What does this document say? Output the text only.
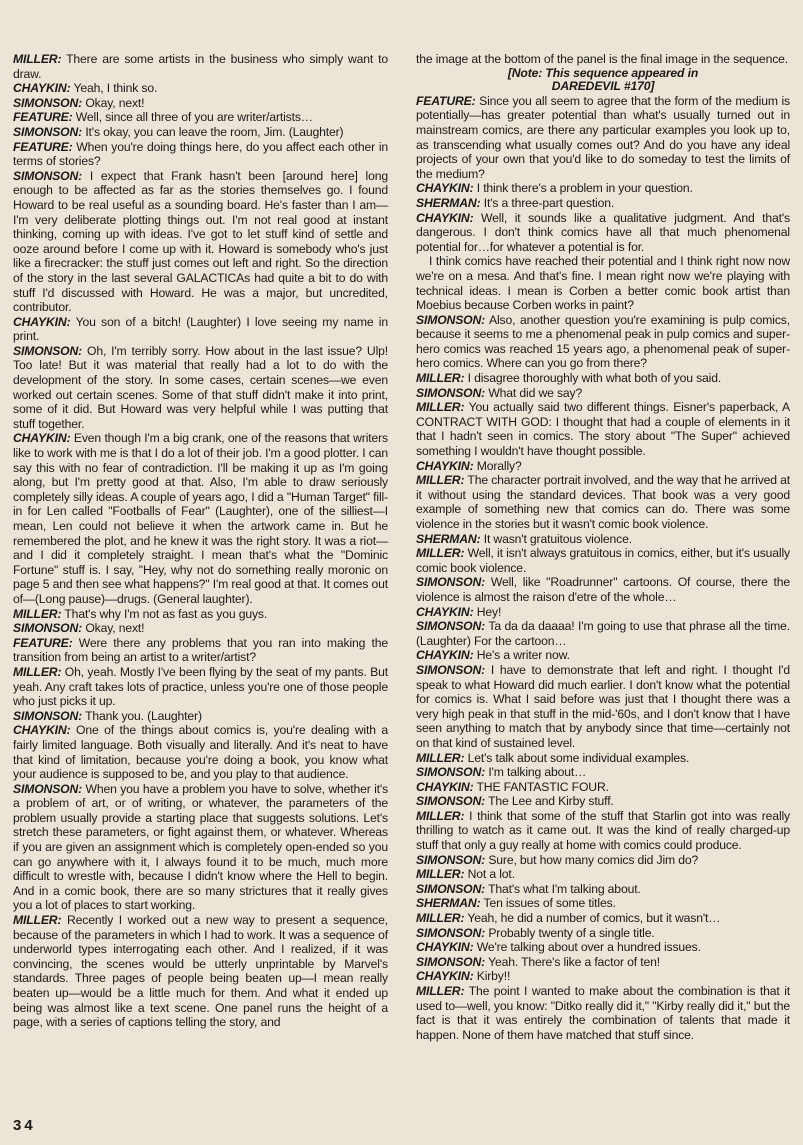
MILLER: There are some artists in the business who simply want to draw.

CHAYKIN: Yeah, I think so.

SIMONSON: Okay, next!

FEATURE: Well, since all three of you are writer/artists…

SIMONSON: It's okay, you can leave the room, Jim. (Laughter)

FEATURE: When you're doing things here, do you affect each other in terms of stories?

SIMONSON: I expect that Frank hasn't been [around here] long enough to be affected as far as the stories themselves go. I found Howard to be real useful as a sounding board. He's faster than I am—I'm very deliberate plotting things out. I'm not real good at instant thinking, coming up with ideas. I've got to let stuff kind of settle and ooze around before I come up with it. Howard is somebody who's just like a firecracker: the stuff just comes out left and right. So the direction of the story in the last several GALACTICAs had quite a bit to do with stuff I'd discussed with Howard. He was a major, but uncredited, contributor.

CHAYKIN: You son of a bitch! (Laughter) I love seeing my name in print.

SIMONSON: Oh, I'm terribly sorry. How about in the last issue? Ulp! Too late! But it was material that really had a lot to do with the development of the story. In some cases, certain scenes—we even worked out certain scenes. Some of that stuff didn't make it into print, some of it did. But Howard was very helpful while I was putting that stuff together.

CHAYKIN: Even though I'm a big crank, one of the reasons that writers like to work with me is that I do a lot of their job. I'm a good plotter. I can say this with no fear of contradiction. I'll be making it up as I'm going along, but I'm pretty good at that. Also, I'm able to draw seriously completely silly ideas. A couple of years ago, I did a "Human Target" fill-in for Len called "Footballs of Fear" (Laughter), one of the silliest—I mean, Len could not believe it when the artwork came in. But he remembered the plot, and he knew it was the right story. It was a riot—and I did it completely straight. I mean that's what the "Dominic Fortune" stuff is. I say, "Hey, why not do something really moronic on page 5 and then see what happens?" I'm real good at that. It comes out of—(Long pause)—drugs. (General laughter).

MILLER: That's why I'm not as fast as you guys.

SIMONSON: Okay, next!

FEATURE: Were there any problems that you ran into making the transition from being an artist to a writer/artist?

MILLER: Oh, yeah. Mostly I've been flying by the seat of my pants. But yeah. Any craft takes lots of practice, unless you're one of those people who just picks it up.

SIMONSON: Thank you. (Laughter)

CHAYKIN: One of the things about comics is, you're dealing with a fairly limited language. Both visually and literally. And it's neat to have that kind of limitation, because you're doing a book, you know what your audience is supposed to be, and you play to that audience.

SIMONSON: When you have a problem you have to solve, whether it's a problem of art, or of writing, or whatever, the parameters of the problem usually provide a starting place that suggests solutions. Let's stretch these parameters, or fight against them, or whatever. Whereas if you are given an assignment which is completely open-ended so you can go anywhere with it, I always found it to be much, much more difficult to wrestle with, because I didn't know where the Hell to begin. And in a comic book, there are so many strictures that it really gives you a lot of places to start working.

MILLER: Recently I worked out a new way to present a sequence, because of the parameters in which I had to work. It was a sequence of underworld types interrogating each other. And I realized, if it was convincing, the scenes would be utterly unprintable by Marvel's standards. Three pages of people being beaten up—I mean really beaten up—would be a little much for them. And what it ended up being was almost like a text scene. One panel runs the height of a page, with a series of captions telling the story, and

the image at the bottom of the panel is the final image in the sequence.

[Note: This sequence appeared in

DAREDEVIL #170]

FEATURE: Since you all seem to agree that the form of the medium is potentially—has greater potential than what's usually turned out in mainstream comics, are there any particular examples you look up to, as transcending what usually comes out? And do you have any ideal projects of your own that you'd like to do someday to test the limits of the medium?

CHAYKIN: I think there's a problem in your question.

SHERMAN: It's a three-part question.

CHAYKIN: Well, it sounds like a qualitative judgment. And that's dangerous. I don't think comics have all that much phenomenal potential for…for whatever a potential is for.

I think comics have reached their potential and I think right now now we're on a mesa. And that's fine. I mean right now we're playing with technical ideas. I mean is Corben a better comic book artist than Moebius because Corben works in paint?

SIMONSON: Also, another question you're examining is pulp comics, because it seems to me a phenomenal peak in pulp comics and super-hero comics was reached 15 years ago, a phenomenal peak of super-hero comics. Where can you go from there?

MILLER: I disagree thoroughly with what both of you said.

SIMONSON: What did we say?

MILLER: You actually said two different things. Eisner's paperback, A CONTRACT WITH GOD: I thought that had a couple of elements in it that I hadn't seen in comics. The story about "The Super" achieved something I wouldn't have thought possible.

CHAYKIN: Morally?

MILLER: The character portrait involved, and the way that he arrived at it without using the standard devices. That book was a very good example of something new that comics can do. There was some violence in the stories but it wasn't comic book violence.

SHERMAN: It wasn't gratuitous violence.

MILLER: Well, it isn't always gratuitous in comics, either, but it's usually comic book violence.

SIMONSON: Well, like "Roadrunner" cartoons. Of course, there the violence is almost the raison d'etre of the whole…

CHAYKIN: Hey!

SIMONSON: Ta da da daaaa! I'm going to use that phrase all the time. (Laughter) For the cartoon…

CHAYKIN: He's a writer now.

SIMONSON: I have to demonstrate that left and right. I thought I'd speak to what Howard did much earlier. I don't know what the potential for comics is. What I said before was just that I thought there was a very high peak in that stuff in the mid-'60s, and I don't know that I have seen anything to match that by anybody since that time—certainly not on that kind of sustained level.

MILLER: Let's talk about some individual examples.

SIMONSON: I'm talking about…

CHAYKIN: THE FANTASTIC FOUR.

SIMONSON: The Lee and Kirby stuff.

MILLER: I think that some of the stuff that Starlin got into was really thrilling to watch as it came out. It was the kind of really charged-up stuff that only a guy really at home with comics could produce.

SIMONSON: Sure, but how many comics did Jim do?

MILLER: Not a lot.

SIMONSON: That's what I'm talking about.

SHERMAN: Ten issues of some titles.

MILLER: Yeah, he did a number of comics, but it wasn't…

SIMONSON: Probably twenty of a single title.

CHAYKIN: We're talking about over a hundred issues.

SIMONSON: Yeah. There's like a factor of ten!

CHAYKIN: Kirby!!

MILLER: The point I wanted to make about the combination is that it used to—well, you know: "Ditko really did it," "Kirby really did it," but the fact is that it was entirely the combination of talents that made it happen. None of them have matched that stuff since.

34
